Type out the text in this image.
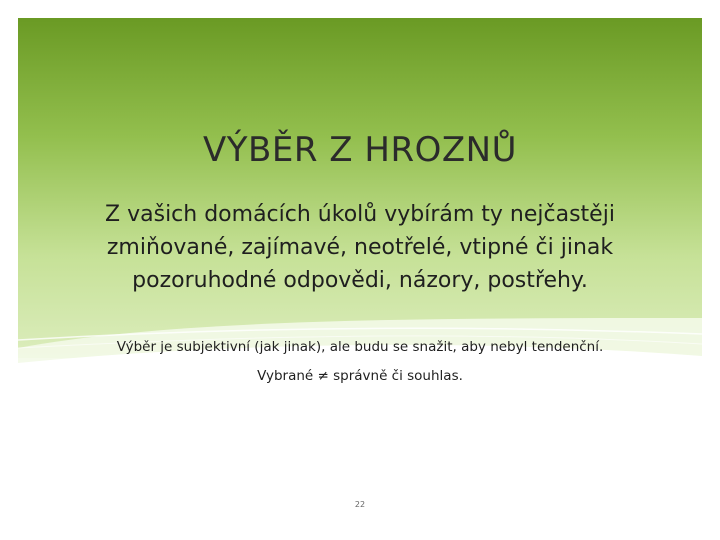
VÝBĚR Z HROZNŮ

Z vašich domácích úkolů vybírám ty nejčastěji zmiňované, zajímavé, neotřelé, vtipné či jinak pozoruhodné odpovědi, názory, postřehy.

Výběr je subjektivní (jak jinak), ale budu se snažit, aby nebyl tendenční.

Vybrané ≠ správně či souhlas.

22
